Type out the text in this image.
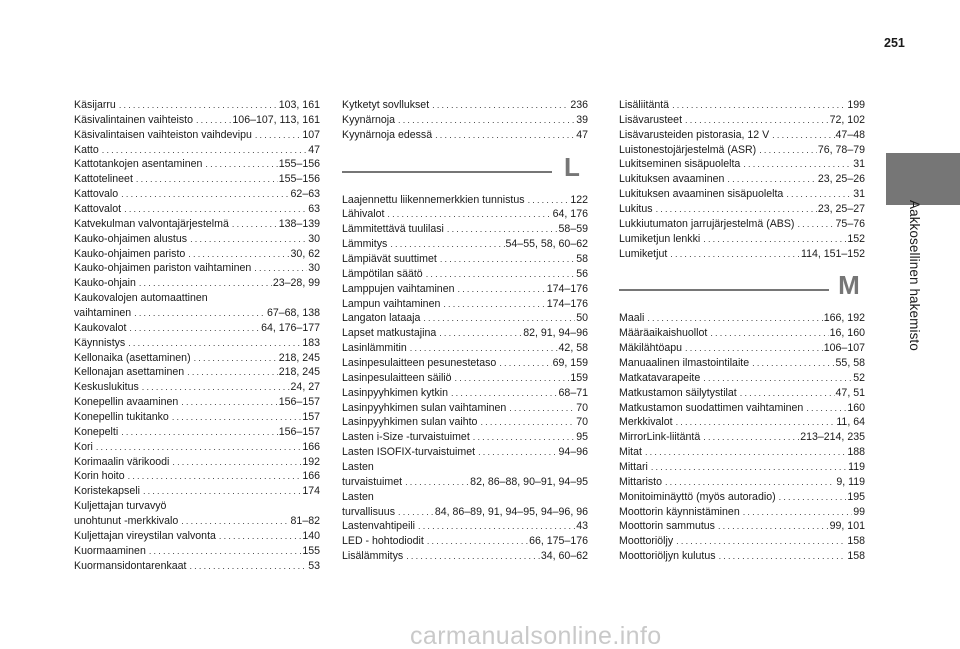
251
Aakkosellinen hakemisto
Käsijarru .....	103, 161
Käsivalintainen vaihteisto .....	106–107, 113, 161
Käsivalintaisen vaihteiston vaihdevipu .....	107
Katto .....	47
Kattotankojen asentaminen .....	155–156
Kattotelineet .....	155–156
Kattovalo .....	62–63
Kattovalot .....	63
Katvekulman valvontajärjestelmä .....	138–139
Kauko-ohjaimen alustus .....	30
Kauko-ohjaimen paristo .....	30, 62
Kauko-ohjaimen pariston vaihtaminen .....	30
Kauko-ohjain .....	23–28, 99
Kaukovalojen automaattinen
vaihtaminen .....	67–68, 138
Kaukovalot .....	64, 176–177
Käynnistys .....	183
Kellonaika (asettaminen) .....	218, 245
Kellonajan asettaminen .....	218, 245
Keskuslukitus .....	24, 27
Konepellin avaaminen .....	156–157
Konepellin tukitanko .....	157
Konepelti .....	156–157
Kori .....	166
Korimaalin värikoodi .....	192
Korin hoito .....	166
Koristekapseli .....	174
Kuljettajan turvavyö
unohtunut -merkkivalo .....	81–82
Kuljettajan vireystilan valvonta .....	140
Kuormaaminen .....	155
Kuormansidontarenkaat .....	53
Kytketyt sovllukset .....	236
Kyynärnoja .....	39
Kyynärnoja edessä .....	47
L
Laajennettu liikennemerkkien tunnistus .....	122
Lähivalot .....	64, 176
Lämmitettävä tuulilasi .....	58–59
Lämmitys .....	54–55, 58, 60–62
Lämpiävät suuttimet .....	58
Lämpötilan säätö .....	56
Lamppujen vaihtaminen .....	174–176
Lampun vaihtaminen .....	174–176
Langaton lataaja .....	50
Lapset matkustajina .....	82, 91, 94–96
Lasinlämmitin .....	42, 58
Lasinpesulaitteen pesunestetaso .....	69, 159
Lasinpesulaitteen säiliö .....	159
Lasinpyyhkimen kytkin .....	68–71
Lasinpyyhkimen sulan vaihtaminen .....	70
Lasinpyyhkimen sulan vaihto .....	70
Lasten i-Size -turvaistuimet .....	95
Lasten ISOFIX-turvaistuimet .....	94–96
Lasten
turvaistuimet .....	82, 86–88, 90–91, 94–95
Lasten
turvallisuus .....	84, 86–89, 91, 94–95, 94–96, 96
Lastenvahtipeili .....	43
LED - hohtodiodit .....	66, 175–176
Lisälämmitys .....	34, 60–62
Lisäliitäntä .....	199
Lisävarusteet .....	72, 102
Lisävarusteiden pistorasia, 12 V .....	47–48
Luistonestojärjestelmä (ASR) .....	76, 78–79
Lukitseminen sisäpuolelta .....	31
Lukituksen avaaminen .....	23, 25–26
Lukituksen avaaminen sisäpuolelta .....	31
Lukitus .....	23, 25–27
Lukkiutumaton jarrujärjestelmä (ABS) .....	75–76
Lumiketjun lenkki .....	152
Lumiketjut .....	114, 151–152
M
Maali .....	166, 192
Määräaikaishuollot .....	16, 160
Mäkilähtöapu .....	106–107
Manuaalinen ilmastointilaite .....	55, 58
Matkatavarapeite .....	52
Matkustamon säilytystilat .....	47, 51
Matkustamon suodattimen vaihtaminen .....	160
Merkkivalot .....	11, 64
MirrorLink-liitäntä .....	213–214, 235
Mitat .....	188
Mittari .....	119
Mittaristo .....	9, 119
Monitoiminäyttö (myös autoradio) .....	195
Moottorin käynnistäminen .....	99
Moottorin sammutus .....	99, 101
Moottoriöljy .....	158
Moottoriöljyn kulutus .....	158
carmanualsonline.info
